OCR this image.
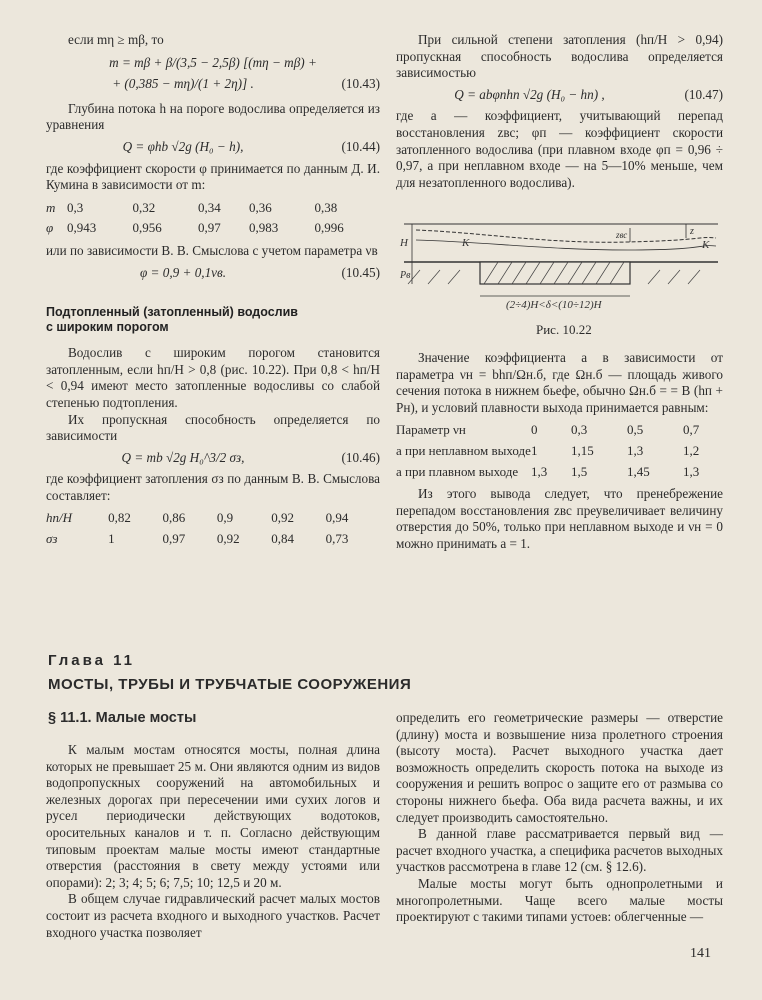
если mη ≥ mβ, то

m = mβ + β/(3,5 − 2,5β) [(mη − mβ) +
+ (0,385 − mη)/(1 + 2η)] .	(10.43)

Глубина потока h на пороге водослива определяется из уравнения

Q = φhb √2g (H₀ − h),	(10.44)

где коэффициент скорости φ принимается по данным Д. И. Кумина в зависимости от m:

m	0,3	0,32	0,34	0,36	0,38
φ	0,943	0,956	0,97	0,983	0,996

или по зависимости В. В. Смыслова с учетом параметра νв

φ = 0,9 + 0,1νв.	(10.45)
Подтопленный (затопленный) водослив
с широким порогом

Водослив с широким порогом становится затопленным, если hп/H > 0,8 (рис. 10.22). При 0,8 < hп/H < 0,94 имеют место затопленные водосливы со слабой степенью подтопления.

Их пропускная способность определяется по зависимости

Q = mb √2g H₀^3/2 σз,	(10.46)

где коэффициент затопления σз по данным В. В. Смыслова составляет:

hп/H	0,82	0,86	0,9	0,92	0,94
σз	1	0,97	0,92	0,84	0,73

При сильной степени затопления (hп/H > 0,94) пропускная способность водослива определяется зависимостью

Q = abφпhп √2g (H₀ − hп) ,	(10.47)

где a — коэффициент, учитывающий перепад восстановления zвс; φп — коэффициент скорости затопленного водослива (при плавном входе φп = 0,96 ÷ 0,97, а при неплавном входе — на 5—10% меньше, чем для незатопленного водослива).

H
Pв
K	K
zвс	z
(2÷4)H<δ<(10÷12)H
Рис. 10.22

Значение коэффициента a в зависимости от параметра νн = bhп/Ωн.б, где Ωн.б — площадь живого сечения потока в нижнем бьефе, обычно Ωн.б = = B (hп + Pн), и условий плавности выхода принимается равным:

Параметр νн	0	0,3	0,5	0,7
a при неплавном выходе	1	1,15	1,3	1,2
a при плавном выходе	1,3	1,5	1,45	1,3

Из этого вывода следует, что пренебрежение перепадом восстановления zвс преувеличивает величину отверстия до 50%, только при неплавном выходе и νн = 0 можно принимать a = 1.

Глава 11
МОСТЫ, ТРУБЫ И ТРУБЧАТЫЕ СООРУЖЕНИЯ
§ 11.1. Малые мосты

К малым мостам относятся мосты, полная длина которых не превышает 25 м. Они являются одним из видов водопропускных сооружений на автомобильных и железных дорогах при пересечении ими сухих логов и русел периодически действующих водотоков, оросительных каналов и т. п. Согласно действующим типовым проектам малые мосты имеют стандартные отверстия (расстояния в свету между устоями или опорами): 2; 3; 4; 5; 6; 7,5; 10; 12,5 и 20 м.

В общем случае гидравлический расчет малых мостов состоит из расчета входного и выходного участков. Расчет входного участка позволяет

определить его геометрические размеры — отверстие (длину) моста и возвышение низа пролетного строения (высоту моста). Расчет выходного участка дает возможность определить скорость потока на выходе из сооружения и решить вопрос о защите его от размыва со стороны нижнего бьефа. Оба вида расчета важны, и их следует производить самостоятельно.

В данной главе рассматривается первый вид — расчет входного участка, а специфика расчетов выходных участков рассмотрена в главе 12 (см. § 12.6).

Малые мосты могут быть однопролетными и многопролетными. Чаще всего малые мосты проектируют с такими типами устоев: облегченные —

141
